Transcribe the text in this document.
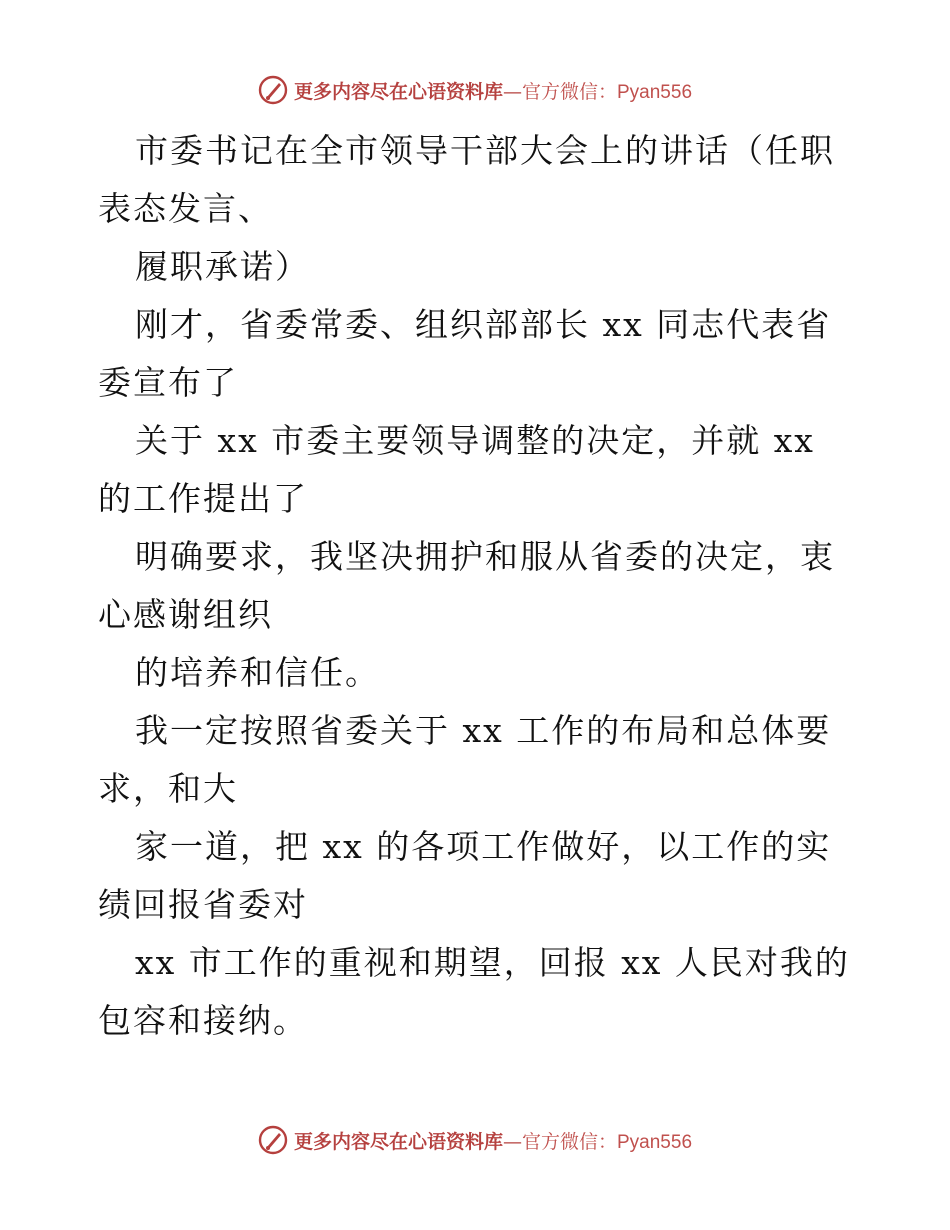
更多内容尽在心语资料库—官方微信：Pyan556

市委书记在全市领导干部大会上的讲话（任职表态发言、

履职承诺）

刚才，省委常委、组织部部长 xx 同志代表省委宣布了

关于 xx 市委主要领导调整的决定，并就 xx 的工作提出了

明确要求，我坚决拥护和服从省委的决定，衷心感谢组织

的培养和信任。

我一定按照省委关于 xx 工作的布局和总体要求，和大

家一道，把 xx 的各项工作做好，以工作的实绩回报省委对

xx 市工作的重视和期望，回报 xx 人民对我的包容和接纳。

更多内容尽在心语资料库—官方微信：Pyan556
